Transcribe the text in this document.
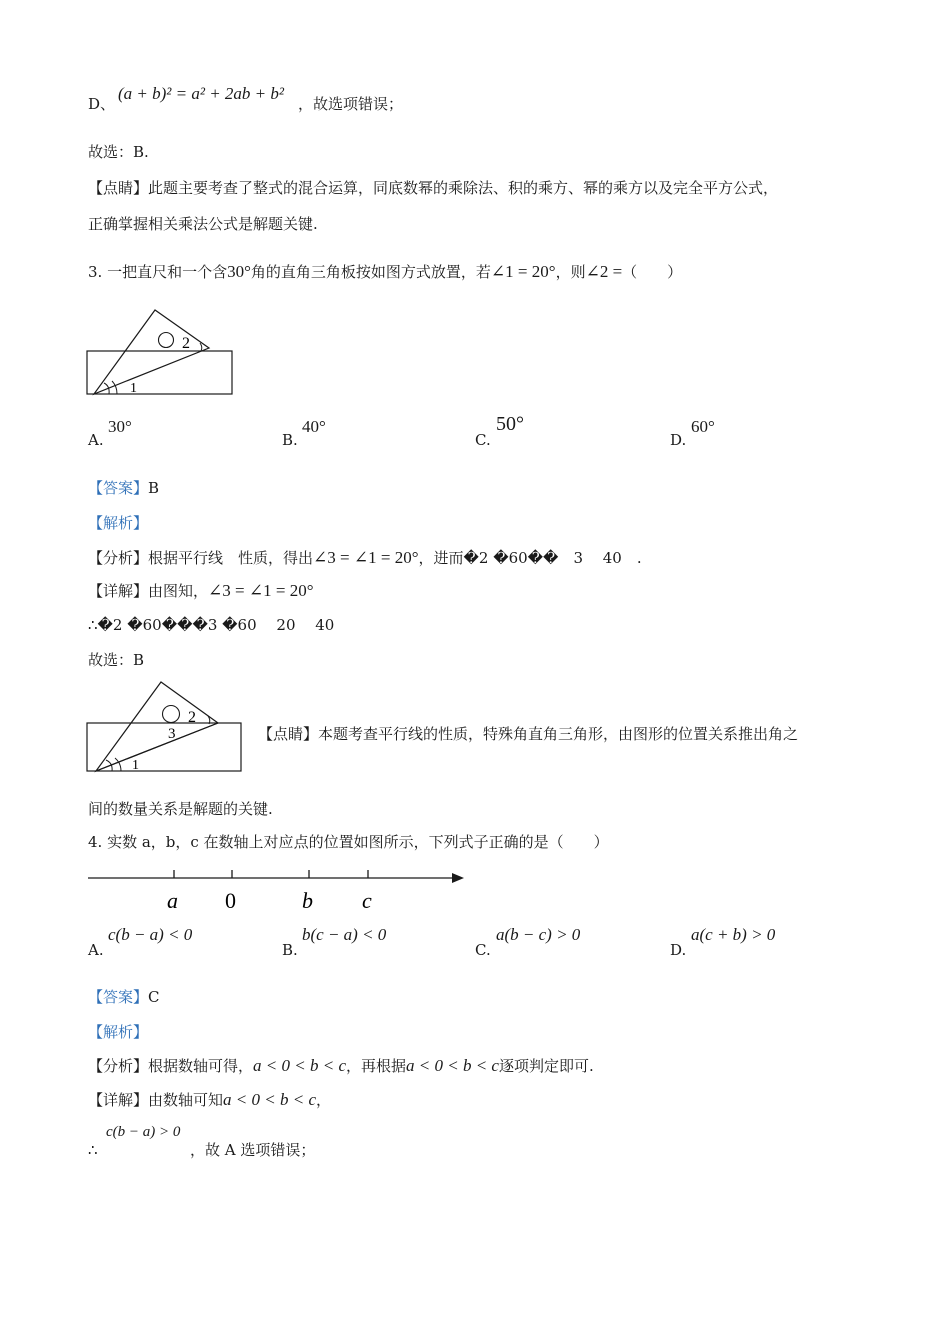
D、
(a + b)² = a² + 2ab + b²
，故选项错误；
故选：B.
【点睛】此题主要考查了整式的混合运算，同底数幂的乘除法、积的乘方、幂的乘方以及完全平方公式，
正确掌握相关乘法公式是解题关键.
3. 一把直尺和一个含30°角的直角三角板按如图方式放置，若∠1 = 20°，则∠2 =（　　）
2
1
A.
30°
B.
40°
C.
50°
D.
60°
【答案】B
【解析】
【分析】根据平行线　性质，得出∠3 = ∠1 = 20°，进而�2 �60��　3　 40　.
【详解】由图知，∠3 = ∠1 = 20°
∴�2 �60���3 �60　 20　 40
故选：B
2
3
1
【点睛】本题考查平行线的性质，特殊角直角三角形，由图形的位置关系推出角之
间的数量关系是解题的关键.
4. 实数 a，b，c 在数轴上对应点的位置如图所示，下列式子正确的是（　　）
a 0	b c
A.
c(b − a) < 0
B.
b(c − a) < 0
C.
a(b − c) > 0
D.
a(c + b) > 0
【答案】C
【解析】
【分析】根据数轴可得，a < 0 < b < c，再根据a < 0 < b < c逐项判定即可.
【详解】由数轴可知a < 0 < b < c，
∴
c(b − a) > 0
，故 A 选项错误；
